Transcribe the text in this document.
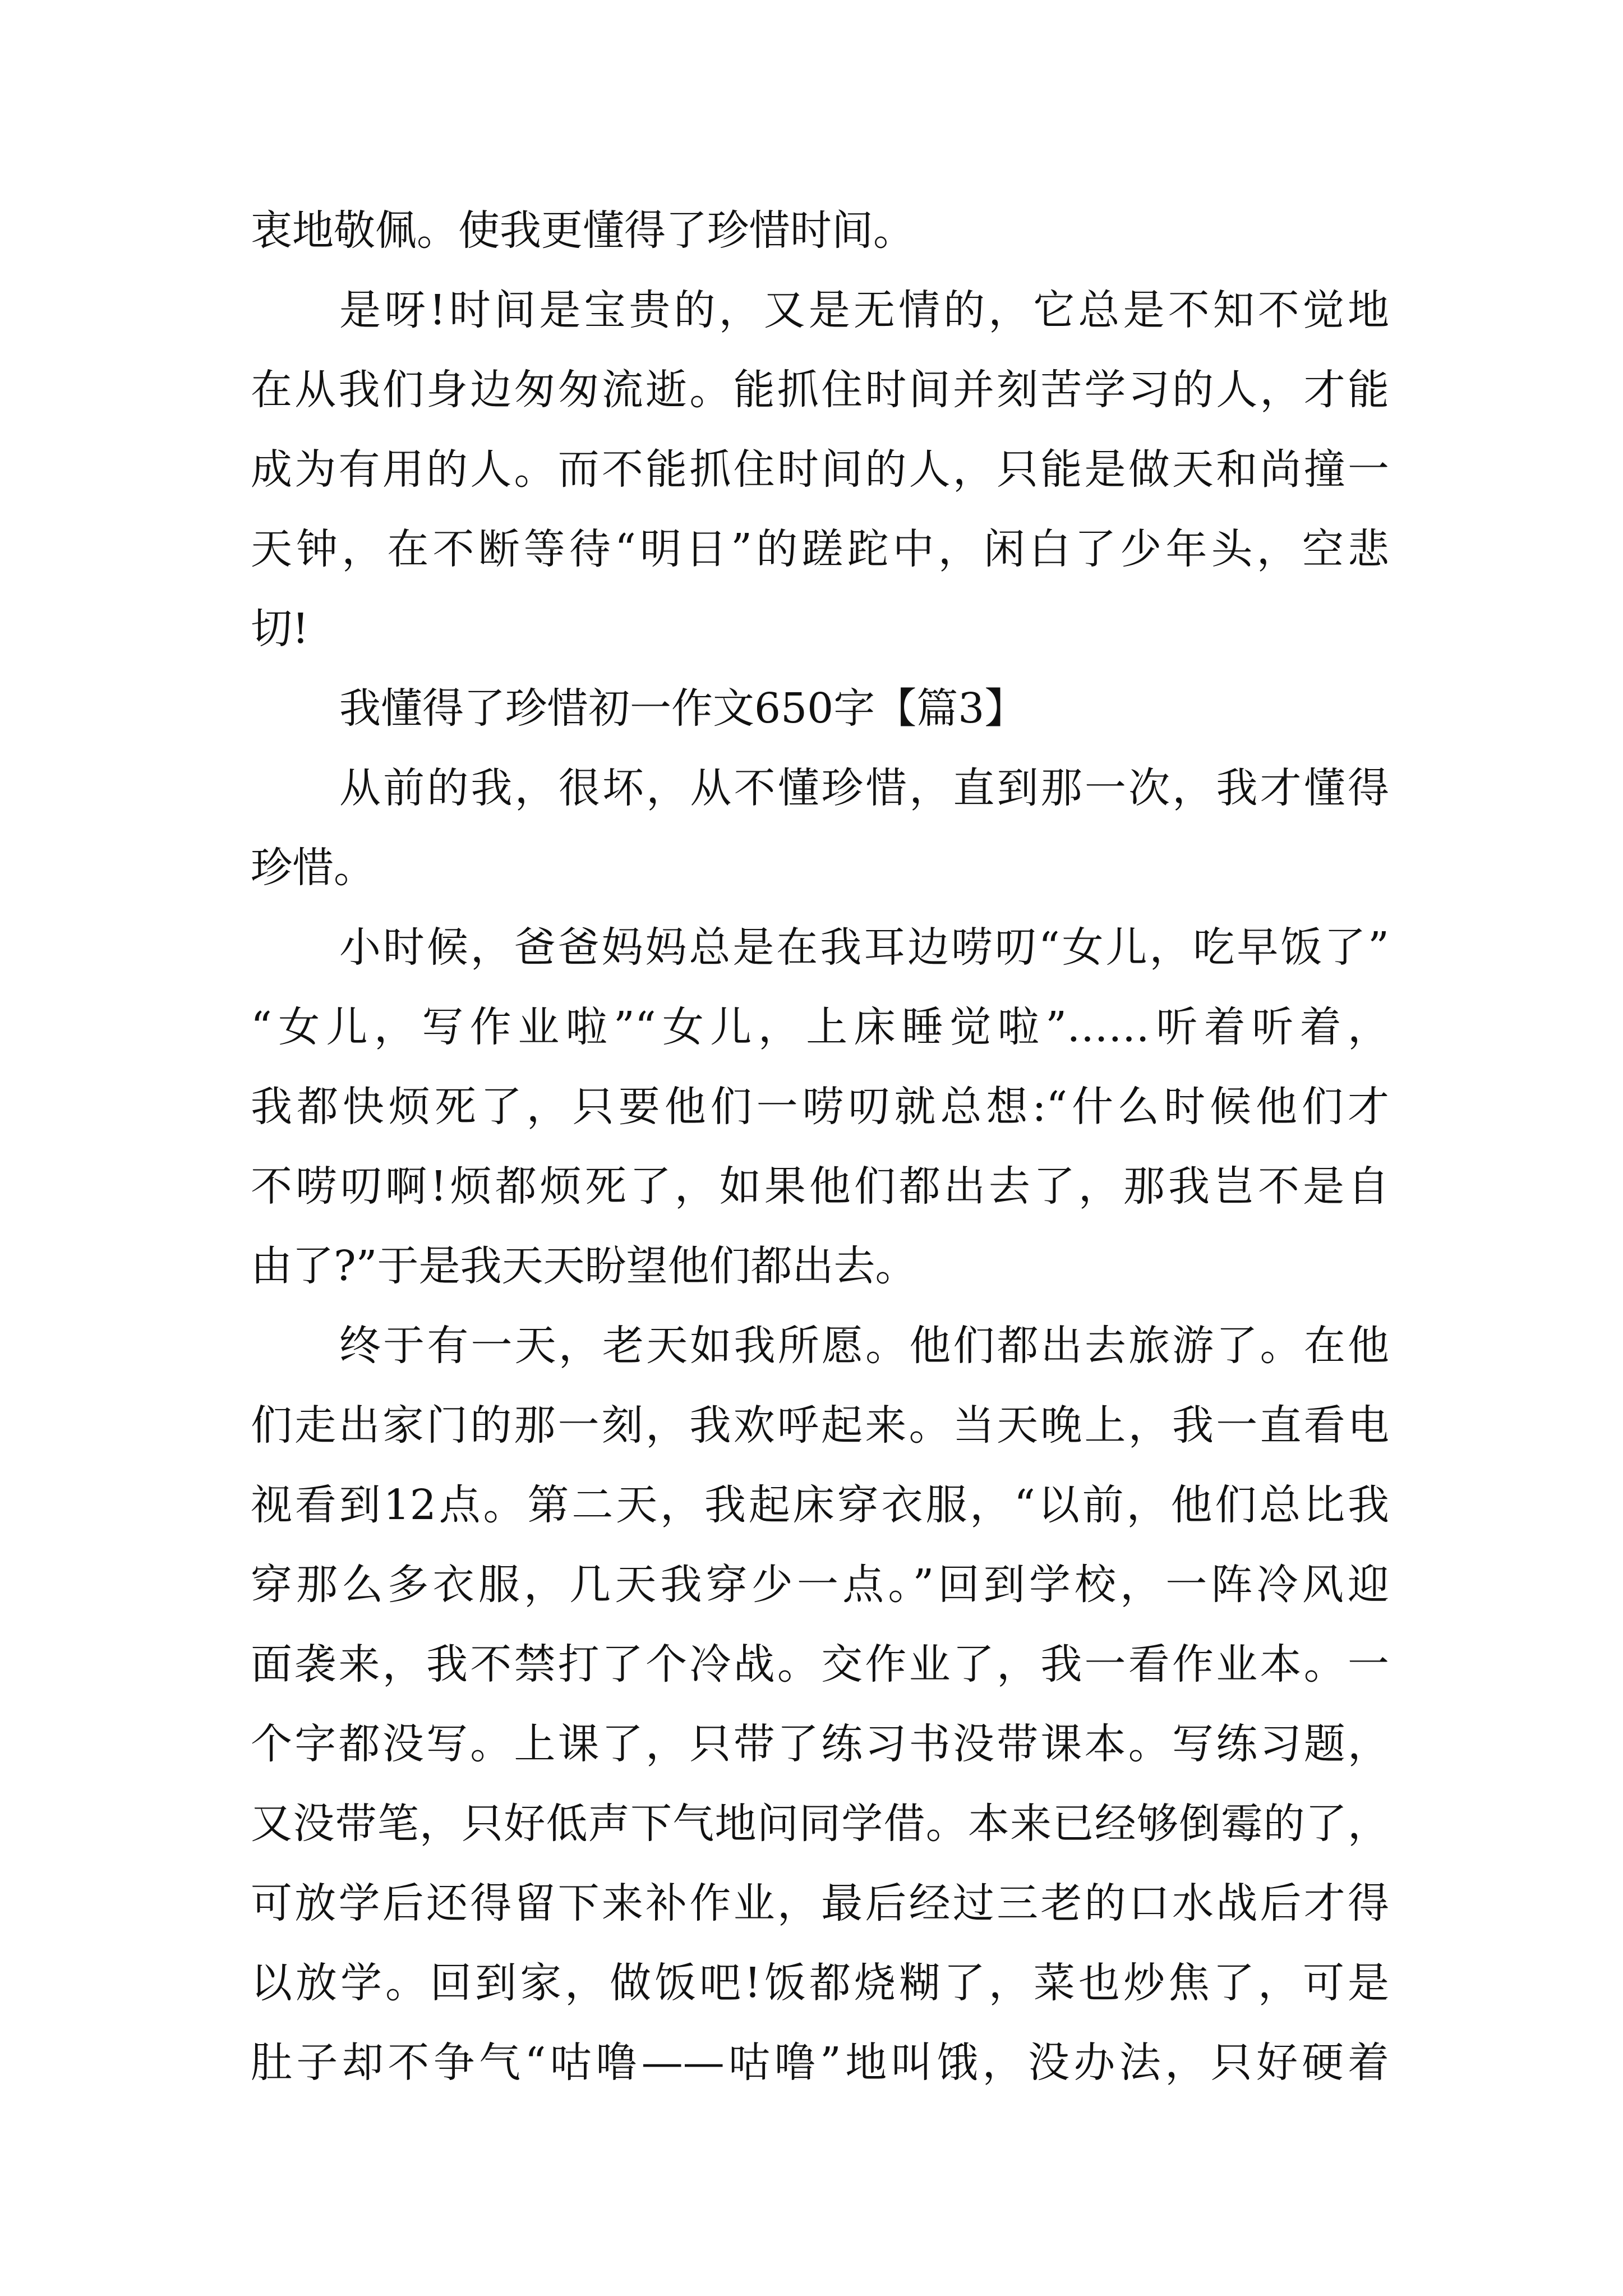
衷地敬佩。使我更懂得了珍惜时间。
是呀!时间是宝贵的，又是无情的，它总是不知不觉地
在从我们身边匆匆流逝。能抓住时间并刻苦学习的人，才能
成为有用的人。而不能抓住时间的人，只能是做天和尚撞一
天钟，在不断等待“明日”的蹉跎中，闲白了少年头，空悲
切!
我懂得了珍惜初一作文650字【篇3】
从前的我，很坏，从不懂珍惜，直到那一次，我才懂得
珍惜。
小时候，爸爸妈妈总是在我耳边唠叨“女儿，吃早饭了”
“女儿，写作业啦”“女儿，上床睡觉啦”……听着听着，
我都快烦死了，只要他们一唠叨就总想:“什么时候他们才
不唠叨啊!烦都烦死了，如果他们都出去了，那我岂不是自
由了?”于是我天天盼望他们都出去。
终于有一天，老天如我所愿。他们都出去旅游了。在他
们走出家门的那一刻，我欢呼起来。当天晚上，我一直看电
视看到12点。第二天，我起床穿衣服，“以前，他们总比我
穿那么多衣服，几天我穿少一点。”回到学校，一阵冷风迎
面袭来，我不禁打了个冷战。交作业了，我一看作业本。一
个字都没写。上课了，只带了练习书没带课本。写练习题，
又没带笔，只好低声下气地问同学借。本来已经够倒霉的了，
可放学后还得留下来补作业，最后经过三老的口水战后才得
以放学。回到家，做饭吧!饭都烧糊了，菜也炒焦了，可是
肚子却不争气“咕噜——咕噜”地叫饿，没办法，只好硬着
